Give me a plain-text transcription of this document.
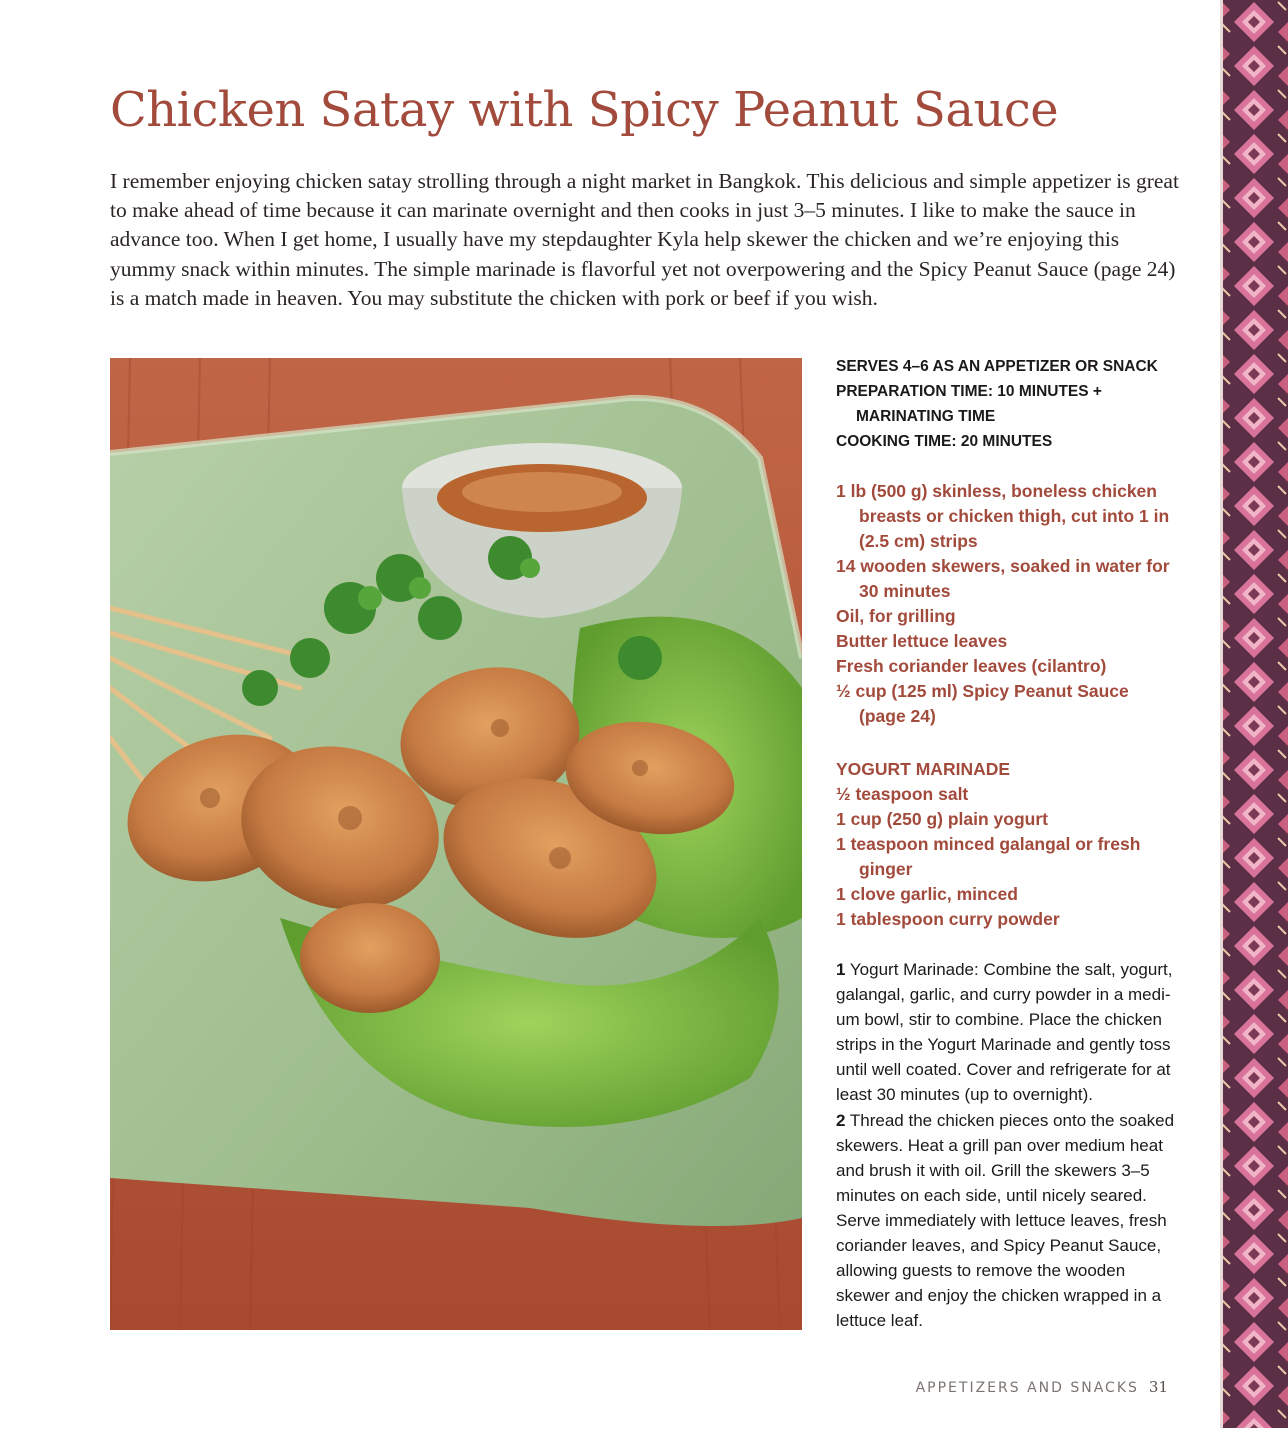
Chicken Satay with Spicy Peanut Sauce

I remember enjoying chicken satay strolling through a night market in Bangkok. This delicious and simple appetizer is great to make ahead of time because it can marinate overnight and then cooks in just 3–5 minutes. I like to make the sauce in advance too. When I get home, I usually have my stepdaughter Kyla help skewer the chicken and we’re enjoying this yummy snack within minutes. The simple marinade is flavorful yet not overpowering and the Spicy Peanut Sauce (page 24) is a match made in heaven. You may substitute the chicken with pork or beef if you wish.

SERVES 4–6 AS AN APPETIZER OR SNACK
PREPARATION TIME: 10 MINUTES +
MARINATING TIME
COOKING TIME: 20 MINUTES
1 lb (500 g) skinless, boneless chicken breasts or chicken thigh, cut into 1 in (2.5 cm) strips
14 wooden skewers, soaked in water for 30 minutes
Oil, for grilling
Butter lettuce leaves
Fresh coriander leaves (cilantro)
½ cup (125 ml) Spicy Peanut Sauce (page 24)
YOGURT MARINADE
½ teaspoon salt
1 cup (250 g) plain yogurt
1 teaspoon minced galangal or fresh ginger
1 clove garlic, minced
1 tablespoon curry powder
1 Yogurt Marinade: Combine the salt, yogurt, galangal, garlic, and curry powder in a medium bowl, stir to combine. Place the chicken strips in the Yogurt Marinade and gently toss until well coated. Cover and refrigerate for at least 30 minutes (up to overnight).
2 Thread the chicken pieces onto the soaked skewers. Heat a grill pan over medium heat and brush it with oil. Grill the skewers 3–5 minutes on each side, until nicely seared. Serve immediately with lettuce leaves, fresh coriander leaves, and Spicy Peanut Sauce, allowing guests to remove the wooden skewer and enjoy the chicken wrapped in a lettuce leaf.
APPETIZERS AND SNACKS 31
